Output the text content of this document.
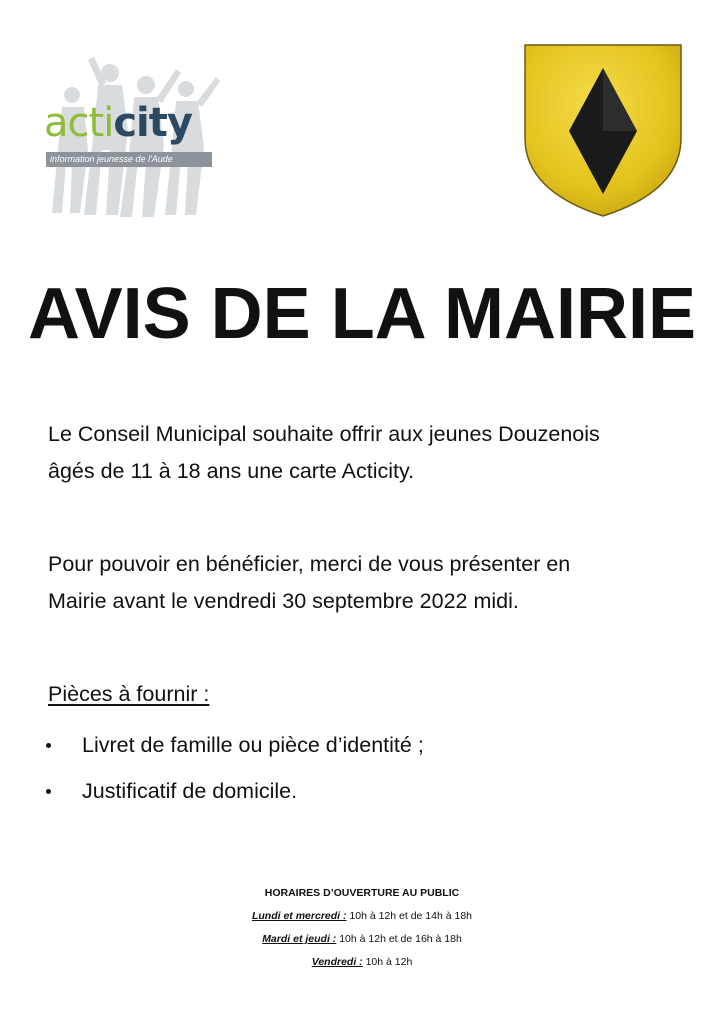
acticity
information jeunesse de l'Aude
AVIS DE LA MAIRIE
Le Conseil Municipal souhaite offrir aux jeunes Douzenois
âgés de 11 à 18 ans une carte Acticity.
Pour pouvoir en bénéficier, merci de vous présenter en
Mairie avant le vendredi 30 septembre 2022 midi.
Pièces à fournir :
Livret de famille ou pièce d’identité ;
Justificatif de domicile.
HORAIRES D’OUVERTURE AU PUBLIC
Lundi et mercredi : 10h à 12h et de 14h à 18h
Mardi et jeudi : 10h à 12h et de 16h à 18h
Vendredi : 10h à 12h
